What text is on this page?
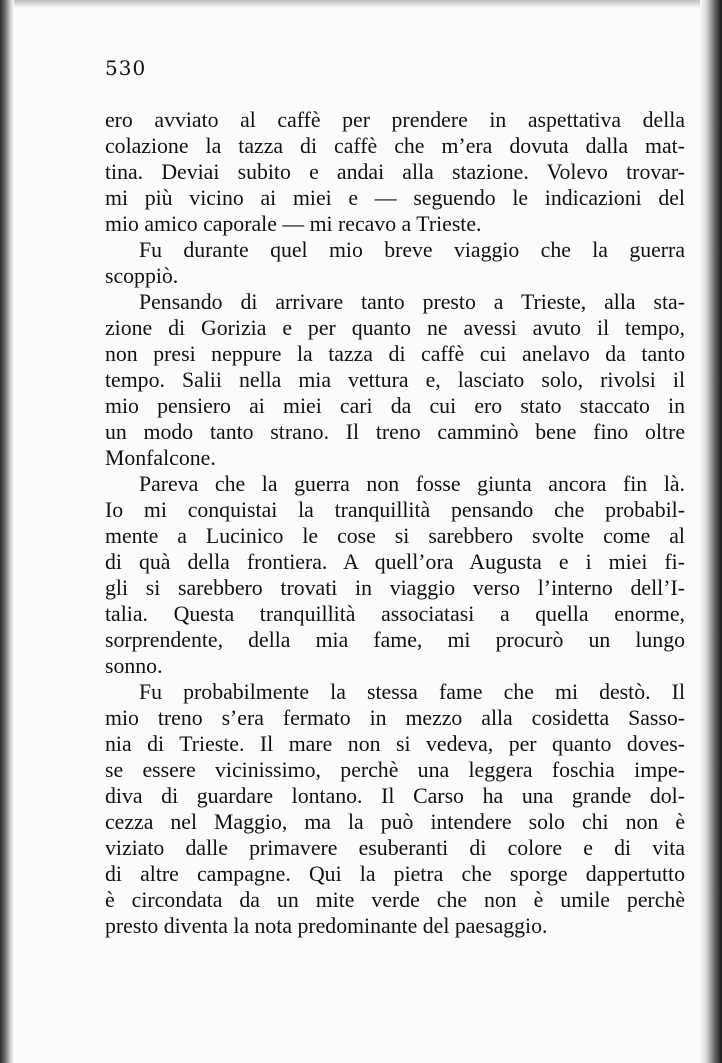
530
ero avviato al caffè per prendere in aspettativa della
colazione la tazza di caffè che m’era dovuta dalla mat-
tina. Deviai subito e andai alla stazione. Volevo trovar-
mi più vicino ai miei e — seguendo le indicazioni del
mio amico caporale — mi recavo a Trieste.
Fu durante quel mio breve viaggio che la guerra
scoppiò.
Pensando di arrivare tanto presto a Trieste, alla sta-
zione di Gorizia e per quanto ne avessi avuto il tempo,
non presi neppure la tazza di caffè cui anelavo da tanto
tempo. Salii nella mia vettura e, lasciato solo, rivolsi il
mio pensiero ai miei cari da cui ero stato staccato in
un modo tanto strano. Il treno camminò bene fino oltre
Monfalcone.
Pareva che la guerra non fosse giunta ancora fin là.
Io mi conquistai la tranquillità pensando che probabil-
mente a Lucinico le cose si sarebbero svolte come al
di quà della frontiera. A quell’ora Augusta e i miei fi-
gli si sarebbero trovati in viaggio verso l’interno dell’I-
talia. Questa tranquillità associatasi a quella enorme,
sorprendente, della mia fame, mi procurò un lungo
sonno.
Fu probabilmente la stessa fame che mi destò. Il
mio treno s’era fermato in mezzo alla cosidetta Sasso-
nia di Trieste. Il mare non si vedeva, per quanto doves-
se essere vicinissimo, perchè una leggera foschia impe-
diva di guardare lontano. Il Carso ha una grande dol-
cezza nel Maggio, ma la può intendere solo chi non è
viziato dalle primavere esuberanti di colore e di vita
di altre campagne. Qui la pietra che sporge dappertutto
è circondata da un mite verde che non è umile perchè
presto diventa la nota predominante del paesaggio.
